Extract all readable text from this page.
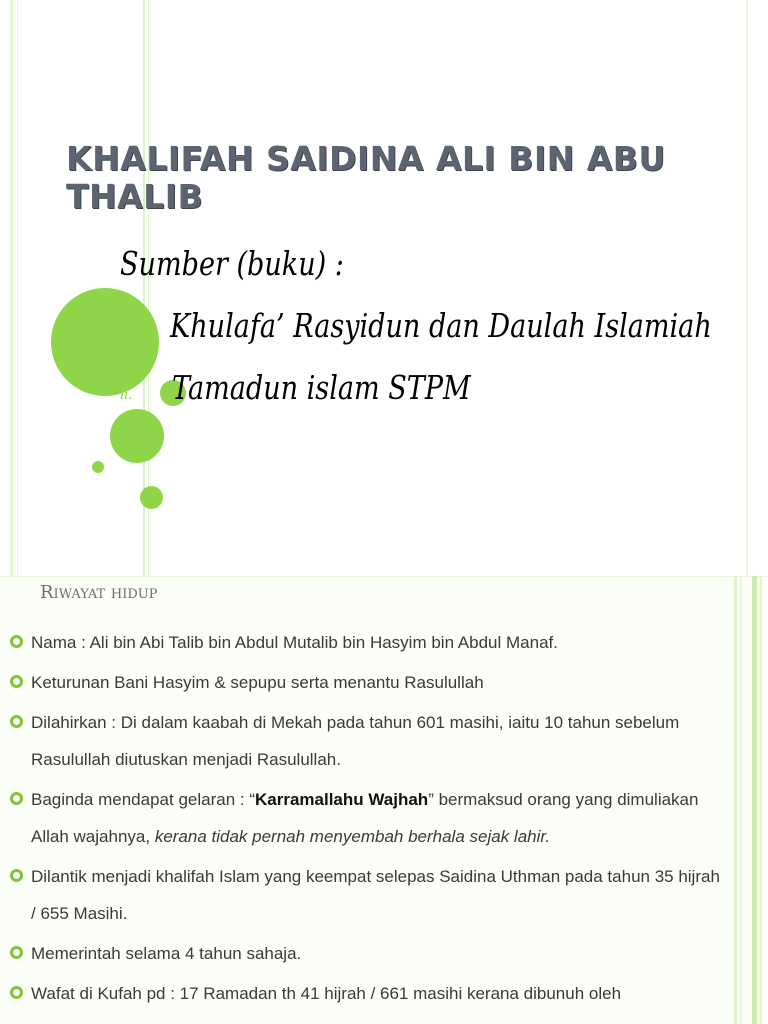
KHALIFAH SAIDINA ALI BIN ABU THALIB
Sumber (buku) :
Khulafa’ Rasyidun dan Daulah Islamiah
ii. Tamadun islam STPM
Riwayat hidup
Nama : Ali bin Abi Talib bin Abdul Mutalib bin Hasyim bin Abdul Manaf.
Keturunan Bani Hasyim & sepupu serta menantu Rasulullah
Dilahirkan : Di dalam kaabah di Mekah pada tahun 601 masihi, iaitu 10 tahun sebelum Rasulullah diutuskan menjadi Rasulullah.
Baginda mendapat gelaran : “Karramallahu Wajhah” bermaksud orang yang dimuliakan Allah wajahnya, kerana tidak pernah menyembah berhala sejak lahir.
Dilantik menjadi khalifah Islam yang keempat selepas Saidina Uthman pada tahun 35 hijrah / 655 Masihi.
Memerintah selama 4 tahun sahaja.
Wafat di Kufah pd : 17 Ramadan th 41 hijrah / 661 masihi kerana dibunuh oleh
